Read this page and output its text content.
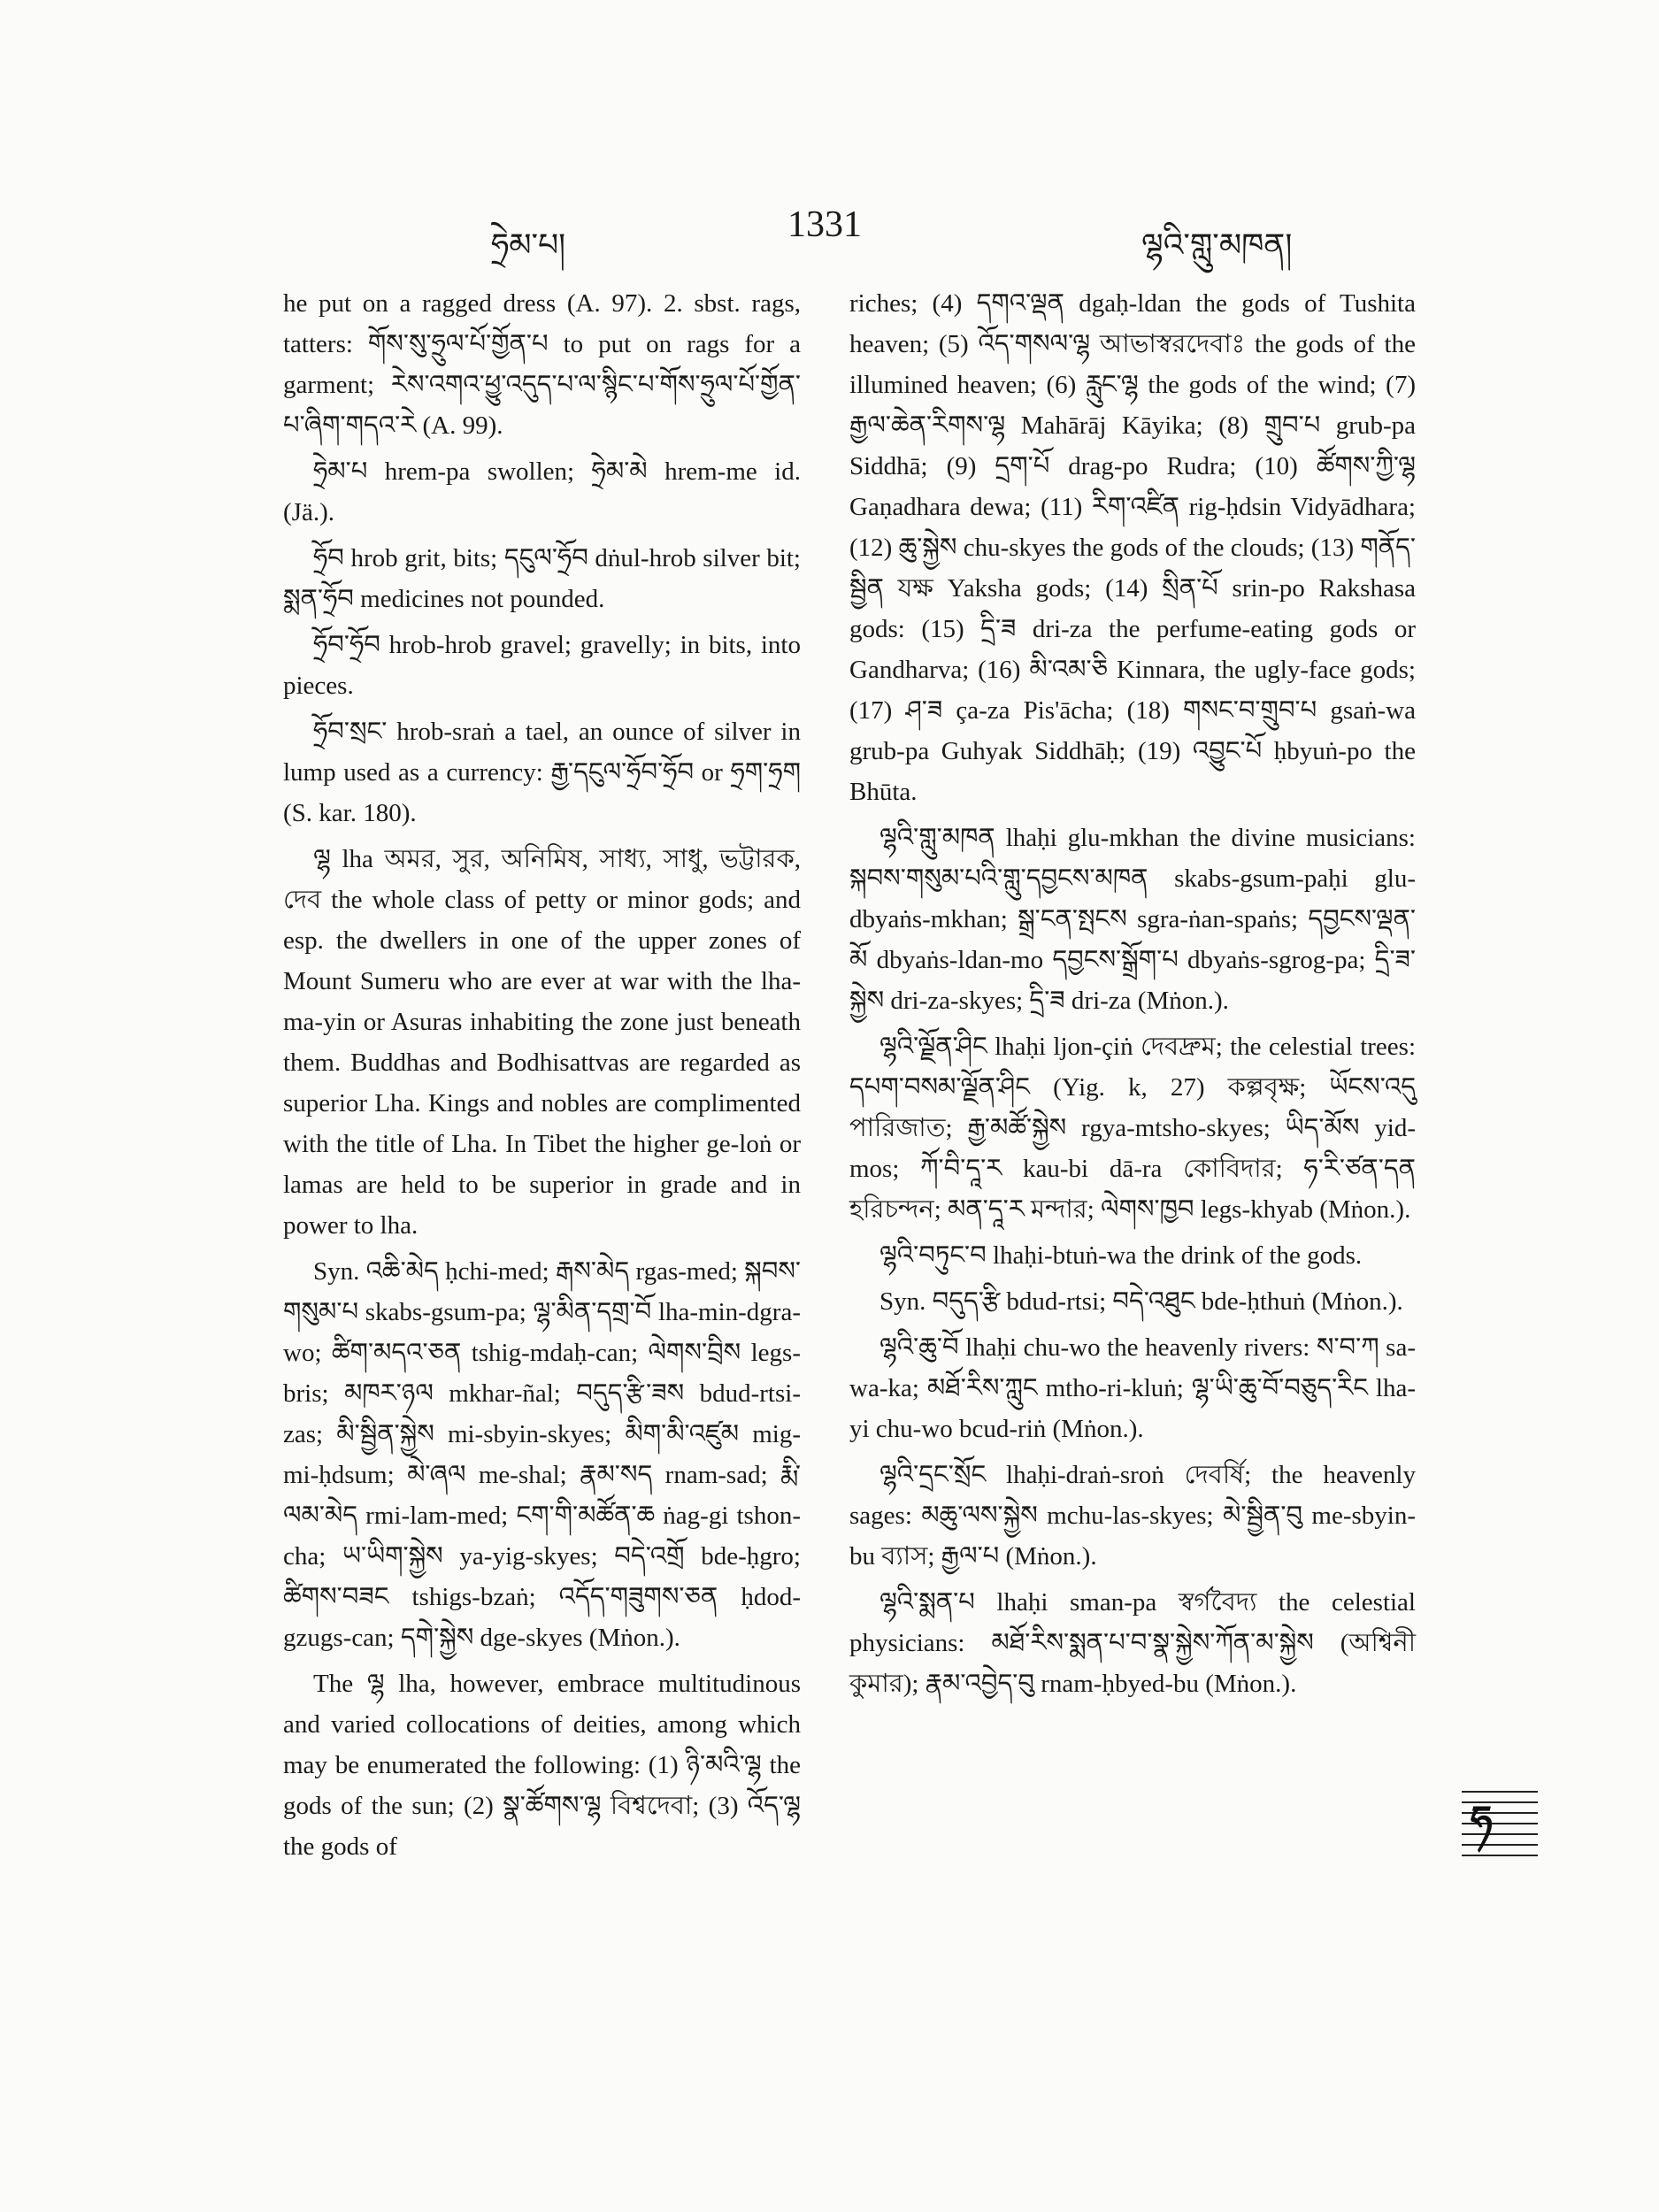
ཧྲེམ་པ།
1331
ལྷའི་གླུ་མཁན།

he put on a ragged dress (A. 97). 2. sbst. rags, tatters: གོས་སུ་ཧྲུལ་པོ་གྱོན་པ to put on rags for a garment; རེས་འགའ་ཕྱུ་འདུད་པ་ལ་སྙིང་པ་གོས་ཧྲུལ་པོ་གྱོན་པ་ཞིག་གདའ་རེ (A. 99).

ཧྲེམ་པ hrem-pa swollen; ཧྲེམ་མེ hrem-me id. (Jä.).

ཧྲོབ hrob grit, bits; དངུལ་ཧྲོབ dṅul-hrob silver bit; སྨན་ཧྲོབ medicines not pounded.

ཧྲོབ་ཧྲོབ hrob-hrob gravel; gravelly; in bits, into pieces.

ཧྲོབ་སྲང་ hrob-sraṅ a tael, an ounce of silver in lump used as a currency: རྒྱ་དངུལ་ཧྲོབ་ཧྲོབ or ཧྲག་ཧྲག (S. kar. 180).

ལྷ lha অমর, সুর, অনিমিষ, সাধ্য, সাধু, ভট্টারক, দেব the whole class of petty or minor gods; and esp. the dwellers in one of the upper zones of Mount Sumeru who are ever at war with the lha-ma-yin or Asuras inhabiting the zone just beneath them. Buddhas and Bodhisattvas are regarded as superior Lha. Kings and nobles are complimented with the title of Lha. In Tibet the higher ge-loṅ or lamas are held to be superior in grade and in power to lha.

Syn. འཆི་མེད ḥchi-med; རྒས་མེད rgas-med; སྐབས་གསུམ་པ skabs-gsum-pa; ལྷ་མིན་དགྲ་བོ lha-min-dgra-wo; ཚིག་མདའ་ཅན tshig-mdaḥ-can; ལེགས་བྲིས legs-bris; མཁར་ཉལ mkhar-ñal; བདུད་རྩི་ཟས bdud-rtsi-zas; མི་སྦྱིན་སྐྱེས mi-sbyin-skyes; མིག་མི་འཛུམ mig-mi-ḥdsum; མེ་ཞལ me-shal; རྣམ་སད rnam-sad; རྨི་ལམ་མེད rmi-lam-med; ངག་གི་མཚོན་ཆ ṅag-gi tshon-cha; ཡ་ཡིག་སྐྱེས ya-yig-skyes; བདེ་འགྲོ bde-ḥgro; ཚིགས་བཟང tshigs-bzaṅ; འདོད་གཟུགས་ཅན ḥdod-gzugs-can; དགེ་སྐྱེས dge-skyes (Mṅon.).

The ལྷ lha, however, embrace multitudinous and varied collocations of deities, among which may be enumerated the following: (1) ཉི་མའི་ལྷ the gods of the sun; (2) སྣ་ཚོགས་ལྷ বিশ্বদেবা; (3) འོད་ལྷ the gods of

riches; (4) དགའ་ལྡན dgaḥ-ldan the gods of Tushita heaven; (5) འོད་གསལ་ལྷ আভাস্বরদেবাঃ the gods of the illumined heaven; (6) རླུང་ལྷ the gods of the wind; (7) རྒྱལ་ཆེན་རིགས་ལྷ Mahārāj Kāyika; (8) གྲུབ་པ grub-pa Siddhā; (9) དྲག་པོ drag-po Rudra; (10) ཚོགས་ཀྱི་ལྷ Gaṇadhara dewa; (11) རིག་འཛིན rig-ḥdsin Vidyādhara; (12) ཆུ་སྐྱེས chu-skyes the gods of the clouds; (13) གནོད་སྦྱིན যক্ষ Yaksha gods; (14) སྲིན་པོ srin-po Rakshasa gods: (15) དྲི་ཟ dri-za the perfume-eating gods or Gandharva; (16) མི་འམ་ཅི Kinnara, the ugly-face gods; (17) ཤ་ཟ ça-za Pis'ācha; (18) གསང་བ་གྲུབ་པ gsaṅ-wa grub-pa Guhyak Siddhāḥ; (19) འབྱུང་པོ ḥbyuṅ-po the Bhūta.

ལྷའི་གླུ་མཁན lhaḥi glu-mkhan the divine musicians: སྐབས་གསུམ་པའི་གླུ་དབྱངས་མཁན skabs-gsum-paḥi glu-dbyaṅs-mkhan; སྒྲ་ངན་སྤངས sgra-ṅan-spaṅs; དབྱངས་ལྡན་མོ dbyaṅs-ldan-mo དབྱངས་སྒྲོག་པ dbyaṅs-sgrog-pa; དྲི་ཟ་སྐྱེས dri-za-skyes; དྲི་ཟ dri-za (Mṅon.).

ལྷའི་ལྗོན་ཤིང lhaḥi ljon-çiṅ দেবদ্রুম; the celestial trees: དཔག་བསམ་ལྗོན་ཤིང (Yig. k, 27) কল্পবৃক্ষ; ཡོངས་འདུ পারিজাত; རྒྱ་མཚོ་སྐྱེས rgya-mtsho-skyes; ཡིད་མོས yid-mos; ཀོ་བི་དཱ་ར kau-bi dā-ra কোবিদার; ཧ་རི་ཙན་དན হরিচন্দন; མན་དཱ་ར মন্দার; ལེགས་ཁྱབ legs-khyab (Mṅon.).

ལྷའི་བཏུང་བ lhaḥi-btuṅ-wa the drink of the gods.

Syn. བདུད་རྩི bdud-rtsi; བདེ་འཐུང bde-ḥthuṅ (Mṅon.).

ལྷའི་ཆུ་བོ lhaḥi chu-wo the heavenly rivers: ས་བ་ཀ sa-wa-ka; མཐོ་རིས་ཀླུང mtho-ri-kluṅ; ལྷ་ཡི་ཆུ་བོ་བཅུད་རིང lha-yi chu-wo bcud-riṅ (Mṅon.).

ལྷའི་དྲང་སྲོང lhaḥi-draṅ-sroṅ দেবর্ষি; the heavenly sages: མཆུ་ལས་སྐྱེས mchu-las-skyes; མེ་སྦྱིན་བུ me-sbyin-bu ব্যাস; རྒྱལ་པ (Mṅon.).

ལྷའི་སྨན་པ lhaḥi sman-pa স্বর্গবৈদ্য the celestial physicians: མཐོ་རིས་སྨན་པ་བ་སྣ་སྐྱེས་ཀོན་མ་སྐྱེས (অশ্বিনী কুমার); རྣམ་འབྱེད་བུ rnam-ḥbyed-bu (Mṅon.).

ཧ
